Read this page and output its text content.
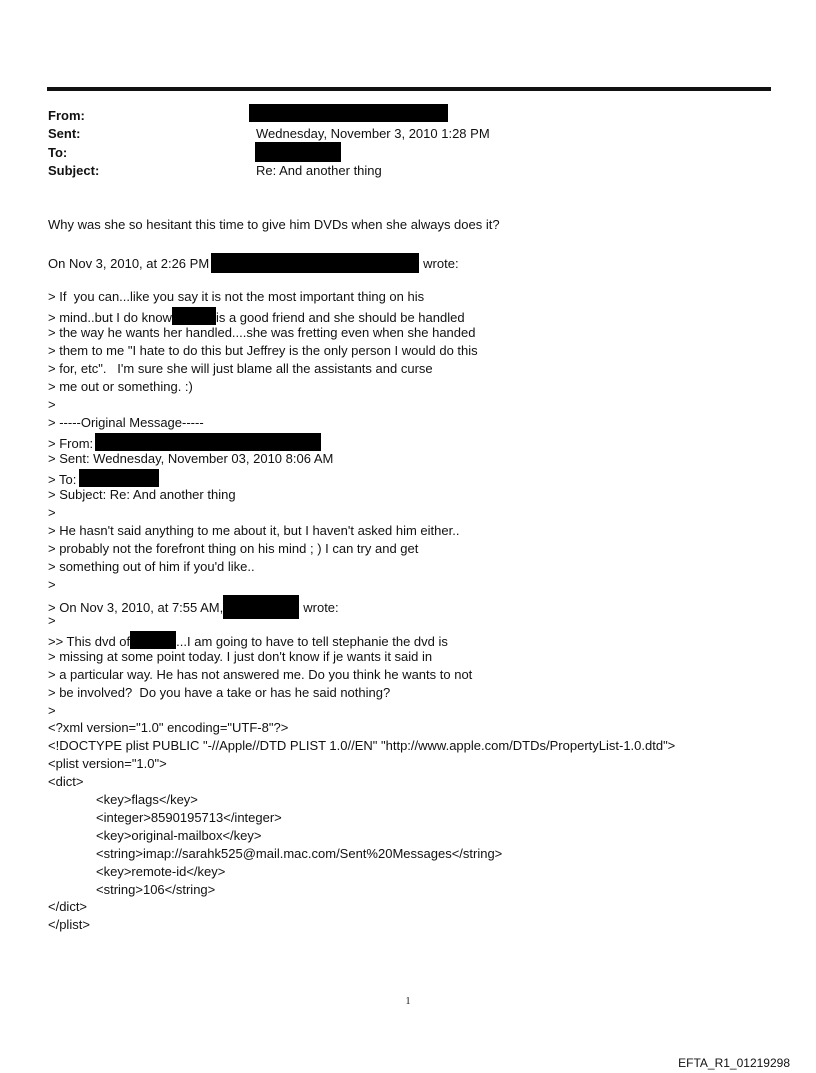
From:
Sent:	Wednesday, November 3, 2010 1:28 PM
To:
Subject:	Re: And another thing
Why was she so hesitant this time to give him DVDs when she always does it?
On Nov 3, 2010, at 2:26 PM	wrote:
> If  you can...like you say it is not the most important thing on his
> mind..but I do know	is a good friend and she should be handled
> the way he wants her handled....she was fretting even when she handed
> them to me "I hate to do this but Jeffrey is the only person I would do this
> for, etc".   I'm sure she will just blame all the assistants and curse
> me out or something. :)
>
> -----Original Message-----
> From:
> Sent: Wednesday, November 03, 2010 8:06 AM
> To:
> Subject: Re: And another thing
>
> He hasn't said anything to me about it, but I haven't asked him either..
> probably not the forefront thing on his mind ; ) I can try and get
> something out of him if you'd like..
>
> On Nov 3, 2010, at 7:55 AM,	wrote:
>
>> This dvd of	...I am going to have to tell stephanie the dvd is
> missing at some point today. I just don't know if je wants it said in
> a particular way. He has not answered me. Do you think he wants to not
> be involved?  Do you have a take or has he said nothing?
>
<?xml version="1.0" encoding="UTF-8"?>
<!DOCTYPE plist PUBLIC "-//Apple//DTD PLIST 1.0//EN" "http://www.apple.com/DTDs/PropertyList-1.0.dtd">
<plist version="1.0">
<dict>
<key>flags</key>
<integer>8590195713</integer>
<key>original-mailbox</key>
<string>imap://sarahk525@mail.mac.com/Sent%20Messages</string>
<key>remote-id</key>
<string>106</string>
</dict>
</plist>
1
EFTA_R1_01219298
